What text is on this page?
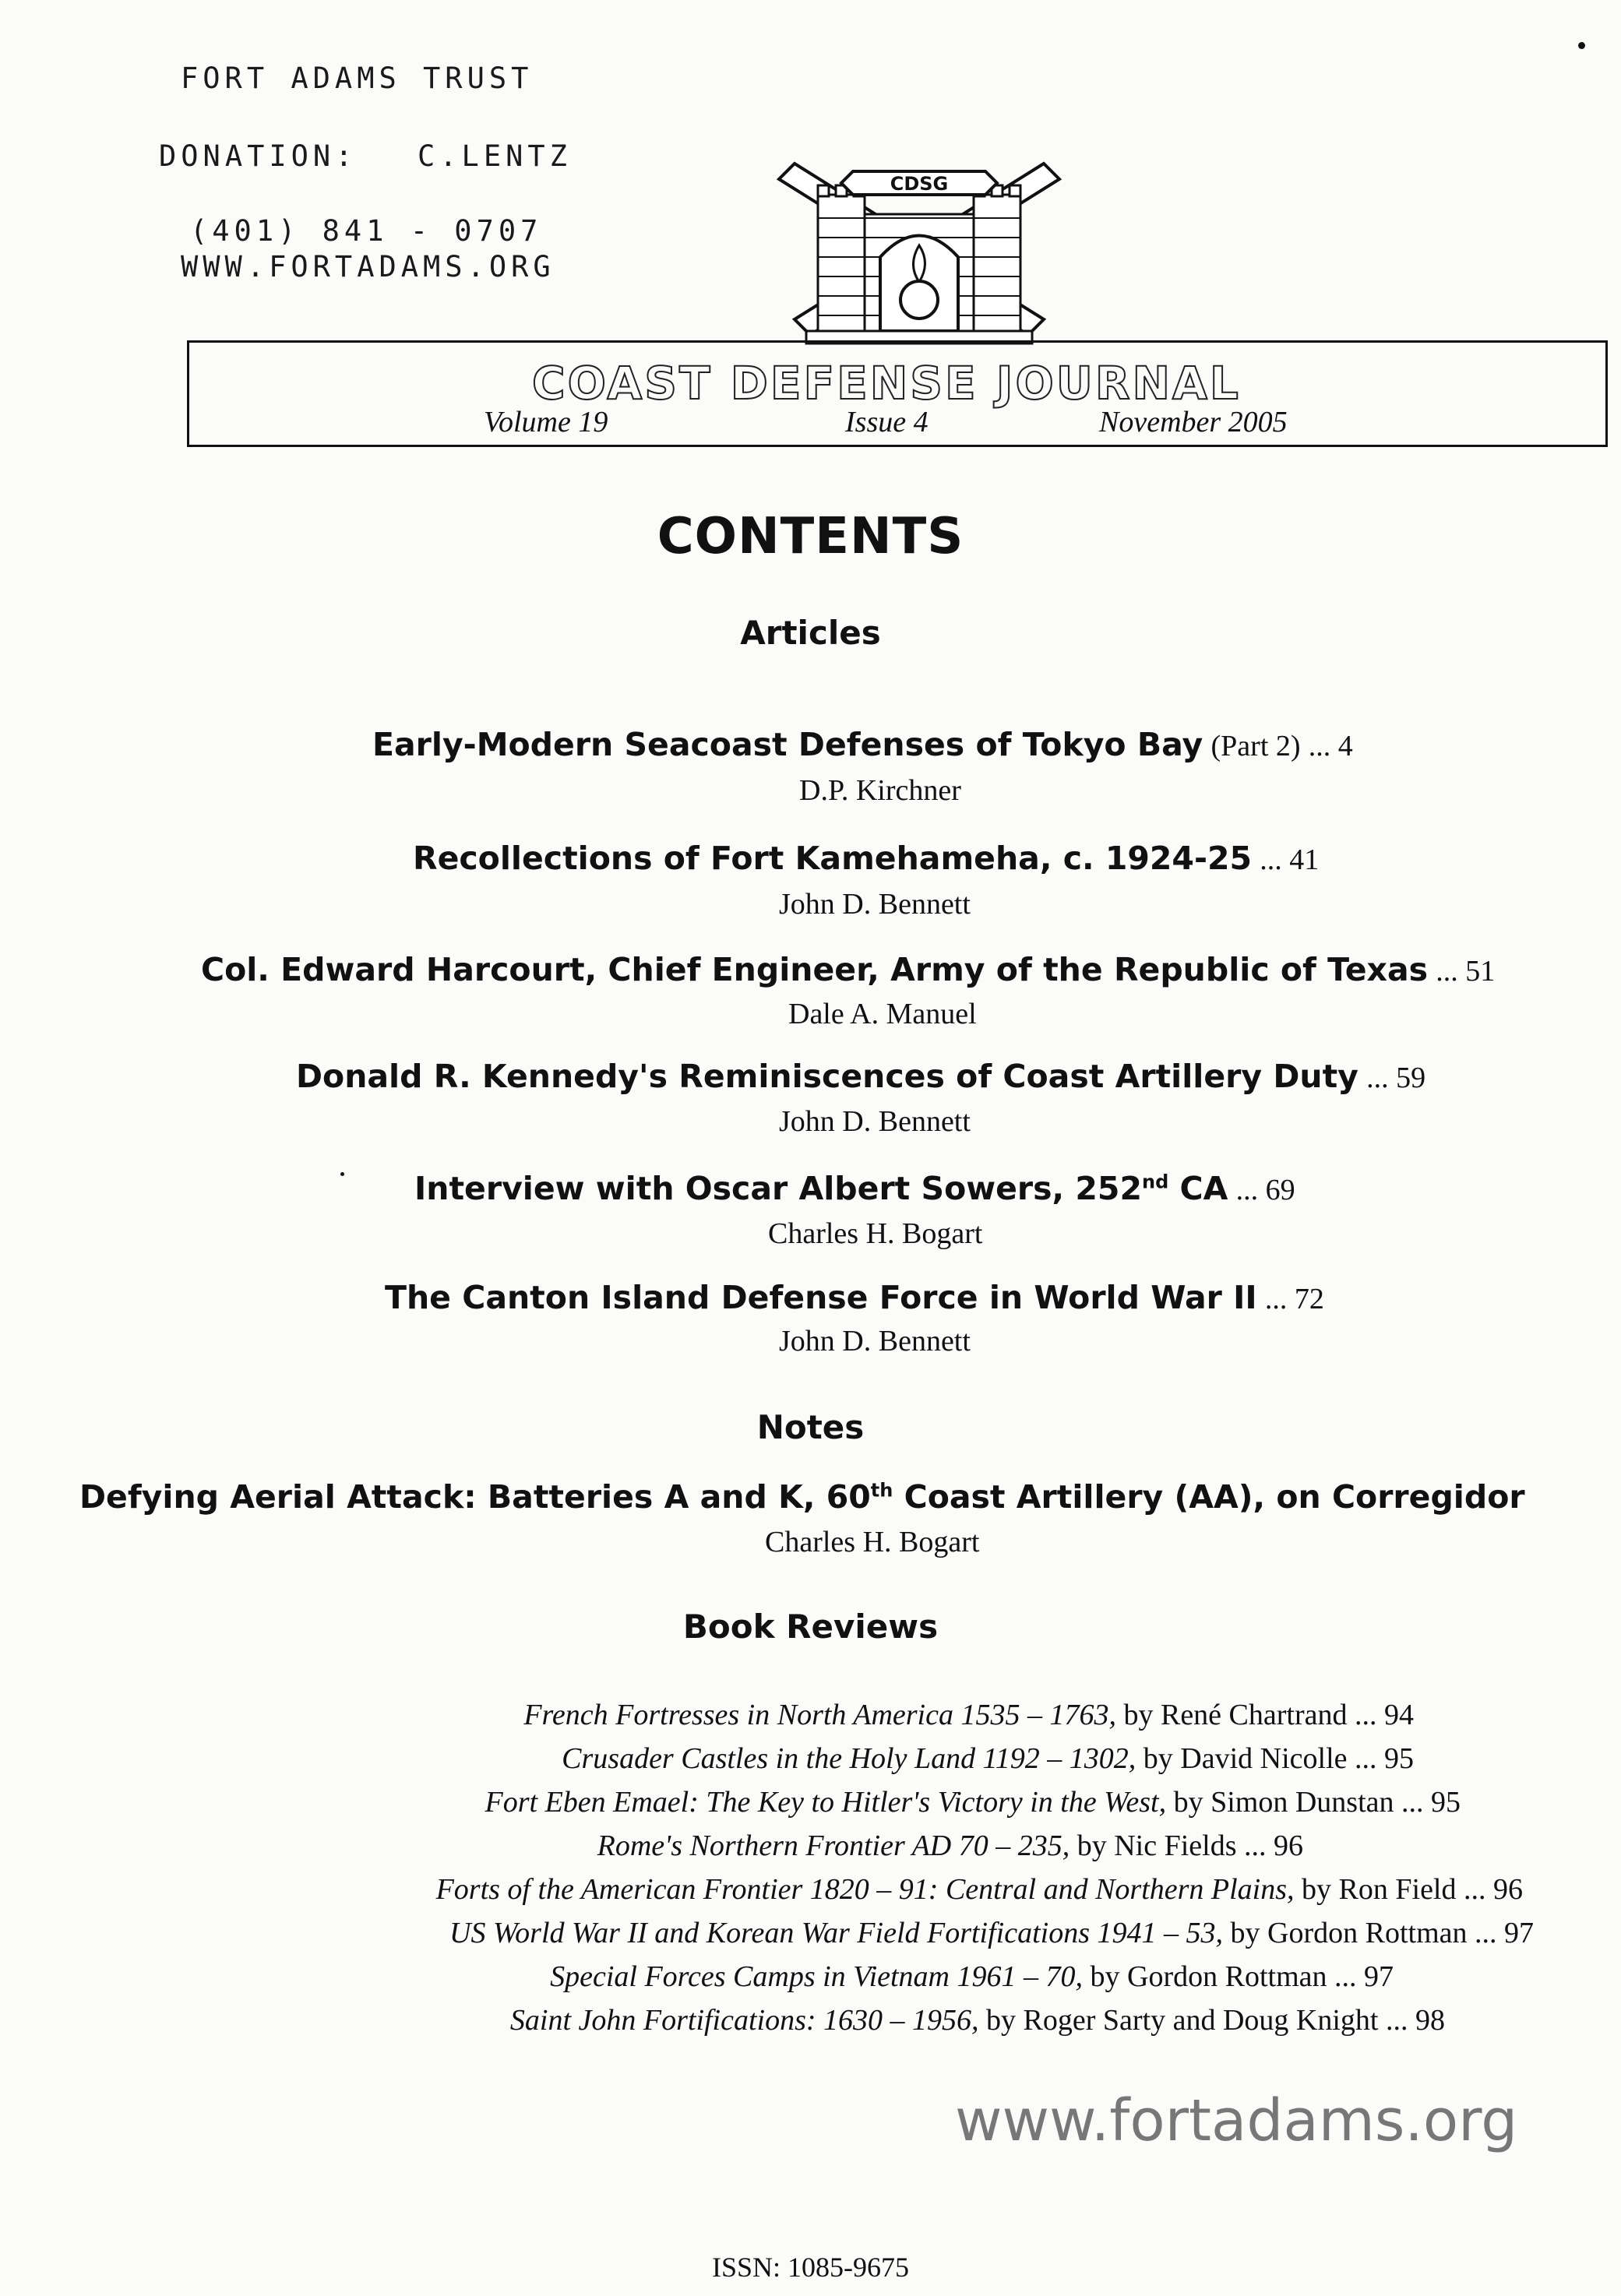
FORT ADAMS TRUST
DONATION: C.LENTZ
(401) 841 - 0707
WWW.FORTADAMS.ORG
CDSG
COAST DEFENSE JOURNAL
Volume 19	Issue 4	November 2005
CONTENTS
Articles
Early-Modern Seacoast Defenses of Tokyo Bay (Part 2) ... 4
D.P. Kirchner
Recollections of Fort Kamehameha, c. 1924-25 ... 41
John D. Bennett
Col. Edward Harcourt, Chief Engineer, Army of the Republic of Texas ... 51
Dale A. Manuel
Donald R. Kennedy's Reminiscences of Coast Artillery Duty ... 59
John D. Bennett
Interview with Oscar Albert Sowers, 252nd CA ... 69
Charles H. Bogart
The Canton Island Defense Force in World War II ... 72
John D. Bennett
Notes
Defying Aerial Attack: Batteries A and K, 60th Coast Artillery (AA), on Corregidor
Charles H. Bogart
Book Reviews
French Fortresses in North America 1535 – 1763, by René Chartrand ... 94
Crusader Castles in the Holy Land 1192 – 1302, by David Nicolle ... 95
Fort Eben Emael: The Key to Hitler's Victory in the West, by Simon Dunstan ... 95
Rome's Northern Frontier AD 70 – 235, by Nic Fields ... 96
Forts of the American Frontier 1820 – 91: Central and Northern Plains, by Ron Field ... 96
US World War II and Korean War Field Fortifications 1941 – 53, by Gordon Rottman ... 97
Special Forces Camps in Vietnam 1961 – 70, by Gordon Rottman ... 97
Saint John Fortifications: 1630 – 1956, by Roger Sarty and Doug Knight ... 98
www.fortadams.org
ISSN: 1085-9675
